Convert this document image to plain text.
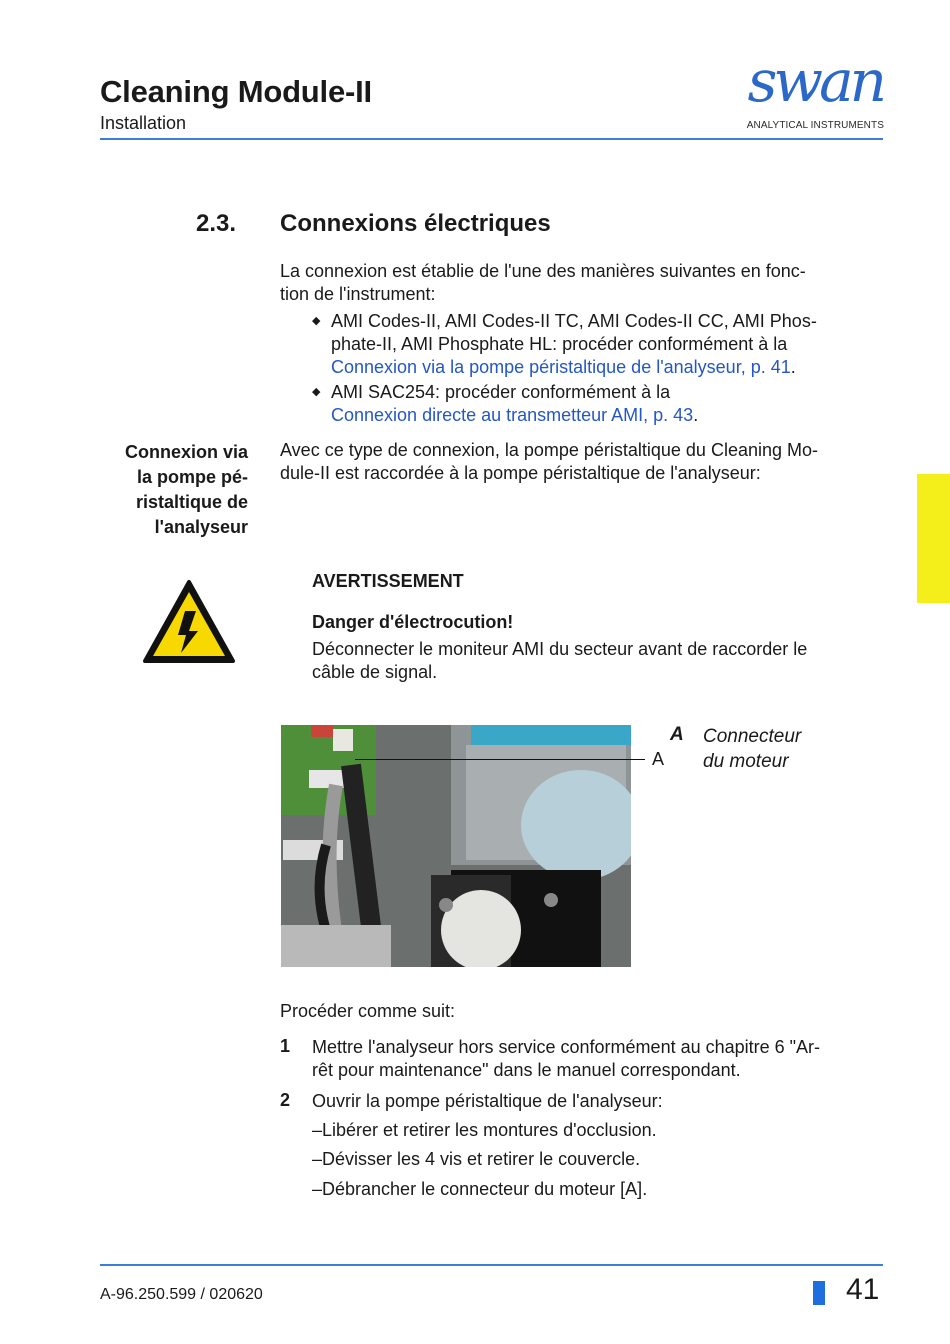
Cleaning Module-II
Installation
swan
ANALYTICAL INSTRUMENTS
2.3. Connexions électriques
La connexion est établie de l'une des manières suivantes en fonc-
tion de l'instrument:
◆ AMI Codes-II, AMI Codes-II TC, AMI Codes-II CC, AMI Phos-
phate-II, AMI Phosphate HL: procéder conformément à la
Connexion via la pompe péristaltique de l'analyseur, p. 41.
◆ AMI SAC254: procéder conformément à la
Connexion directe au transmetteur AMI, p. 43.
Connexion via
la pompe pé-
ristaltique de
l'analyseur
Avec ce type de connexion, la pompe péristaltique du Cleaning Mo-
dule-II est raccordée à la pompe péristaltique de l'analyseur:
AVERTISSEMENT
Danger d'électrocution!
Déconnecter le moniteur AMI du secteur avant de raccorder le
câble de signal.
A
A Connecteur
du moteur
Procéder comme suit:
1 Mettre l'analyseur hors service conformément au chapitre 6 "Ar-
rêt pour maintenance" dans le manuel correspondant.
2 Ouvrir la pompe péristaltique de l'analyseur:
–Libérer et retirer les montures d'occlusion.
–Dévisser les 4 vis et retirer le couvercle.
–Débrancher le connecteur du moteur [A].
A-96.250.599 / 020620	41
